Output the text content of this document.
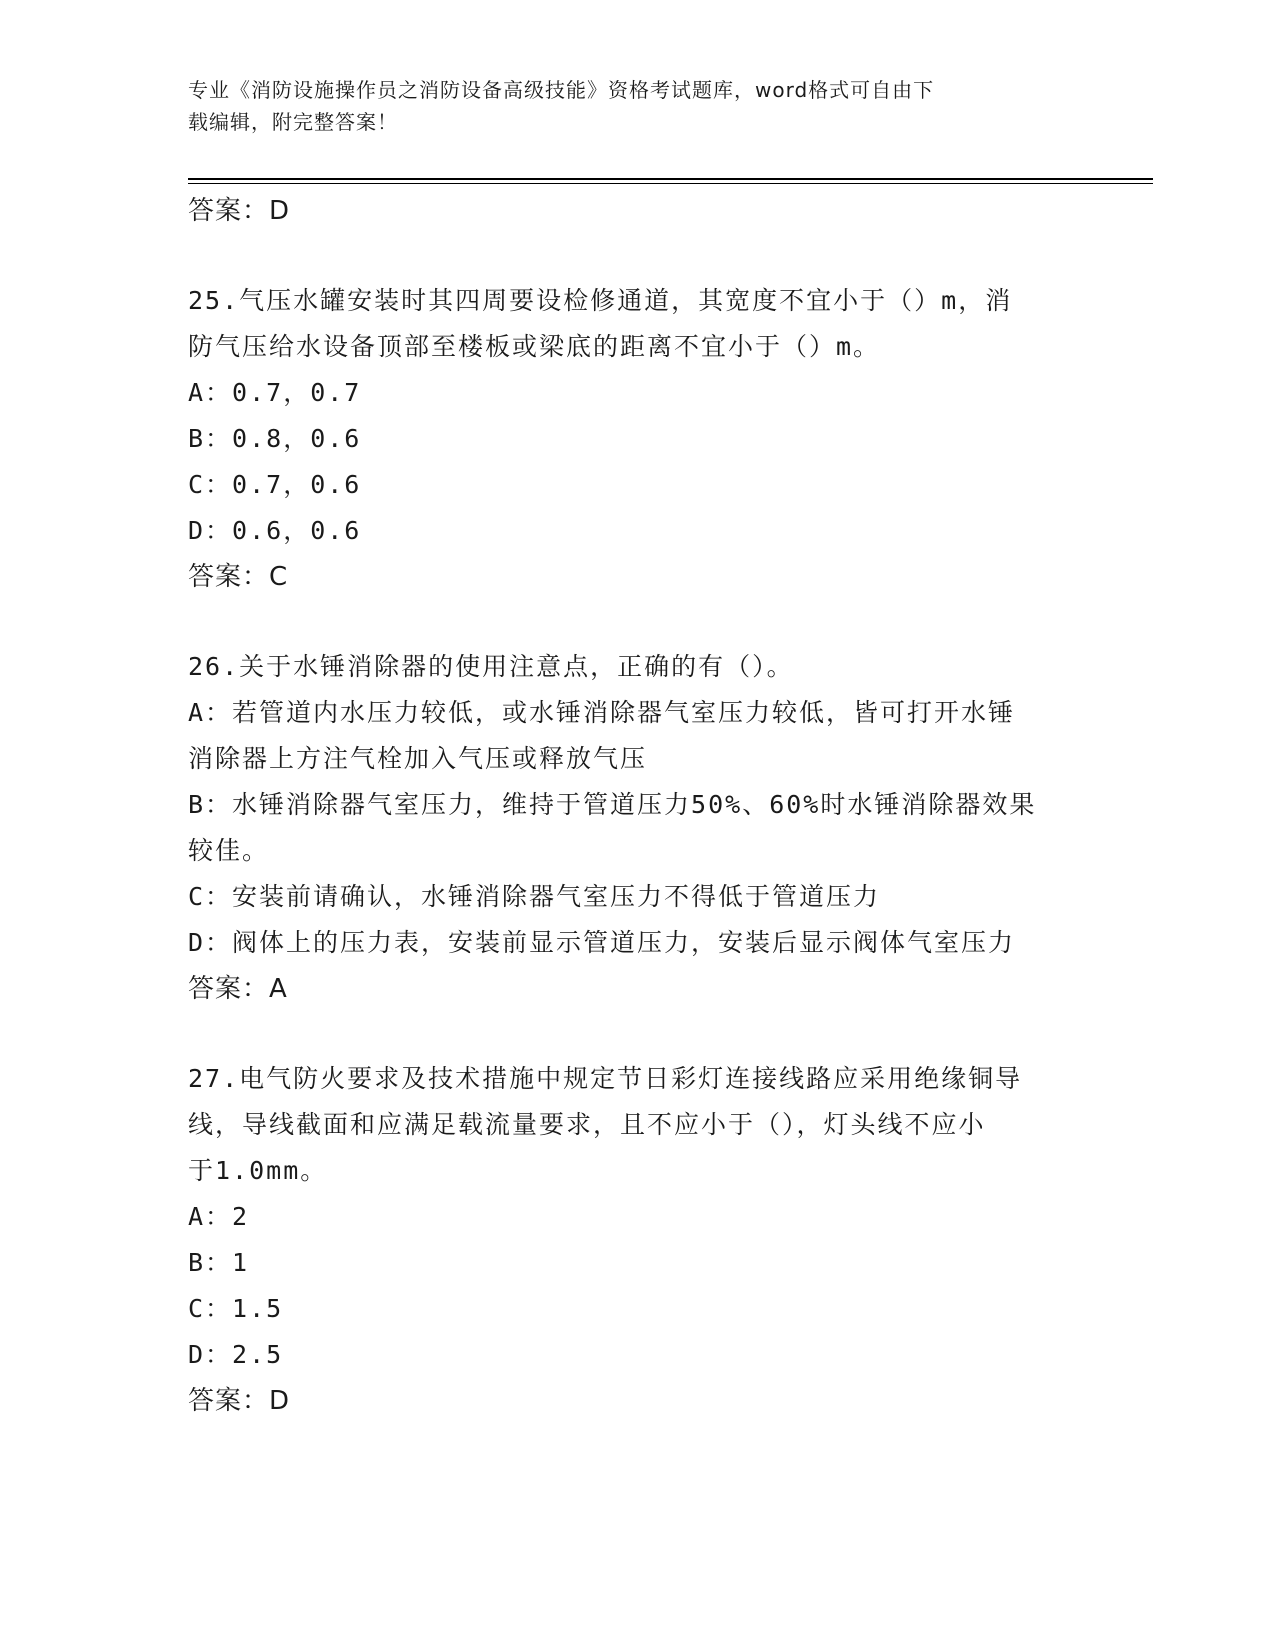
专业《消防设施操作员之消防设备高级技能》资格考试题库，word格式可自由下
载编辑，附完整答案！
答案：D
25.气压水罐安装时其四周要设检修通道，其宽度不宜小于（）m，消
防气压给水设备顶部至楼板或梁底的距离不宜小于（）m。
A：0.7，0.7
B：0.8，0.6
C：0.7，0.6
D：0.6，0.6
答案：C
26.关于水锤消除器的使用注意点，正确的有（）。
A：若管道内水压力较低，或水锤消除器气室压力较低，皆可打开水锤
消除器上方注气栓加入气压或释放气压
B：水锤消除器气室压力，维持于管道压力50%、60%时水锤消除器效果
较佳。
C：安装前请确认，水锤消除器气室压力不得低于管道压力
D：阀体上的压力表，安装前显示管道压力，安装后显示阀体气室压力
答案：A
27.电气防火要求及技术措施中规定节日彩灯连接线路应采用绝缘铜导
线，导线截面和应满足载流量要求，且不应小于（），灯头线不应小
于1.0mm。
A：2
B：1
C：1.5
D：2.5
答案：D
